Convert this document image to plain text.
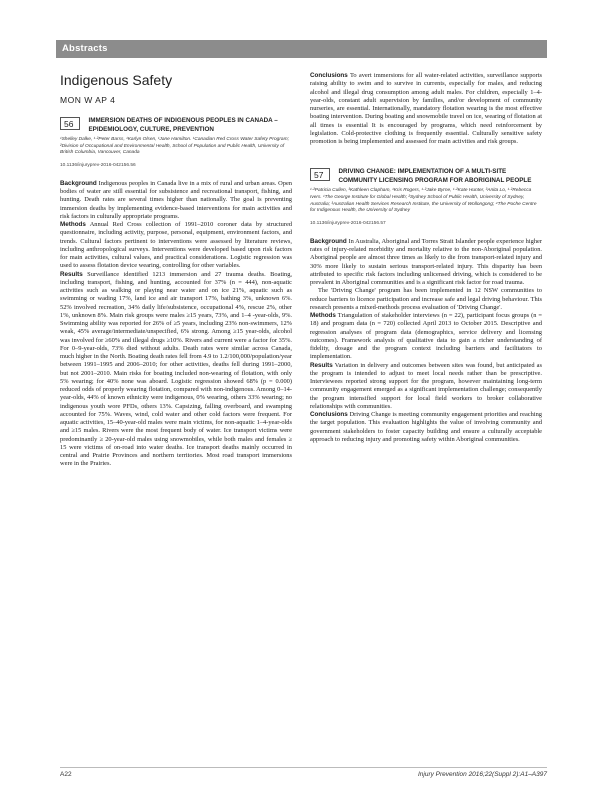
Abstracts
Indigenous Safety
MON W AP 4
56	IMMERSION DEATHS OF INDIGENOUS PEOPLES IN CANADA – EPIDEMIOLOGY, CULTURE, PREVENTION
¹Shelley Dalke, ¹·²Peter Barss, ¹Karlyn Olsen, ¹Jane Hamilton. ¹Canadian Red Cross Water Safety Program; ²Division of Occupational and Environmental Health, School of Population and Public Health, University of British Columbia, Vancouver, Canada
10.1136/injuryprev-2016-042156.56

Background Indigenous peoples in Canada live in a mix of rural and urban areas. Open bodies of water are still essential for subsistence and recreational transport, fishing, and hunting. Death rates are several times higher than nationally. The goal is preventing immersion deaths by implementing evidence-based interventions for main activities and risk factors in culturally appropriate programs.

Methods Annual Red Cross collection of 1991–2010 coroner data by structured questionnaire, including activity, purpose, personal, equipment, environment factors, and trends. Cultural factors pertinent to interventions were assessed by literature reviews, including anthropological surveys. Interventions were developed based upon risk factors for main activities, cultural values, and practical considerations. Logistic regression was used to assess flotation device wearing, controlling for other variables.

Results Surveillance identified 1213 immersion and 27 trauma deaths. Boating, including transport, fishing, and hunting, accounted for 37% (n = 444), non-aquatic activities such as walking or playing near water and on ice 21%, aquatic such as swimming or wading 17%, land ice and air transport 17%, bathing 3%, unknown 6%. 52% involved recreation, 34% daily life/subsistence, occupational 4%, rescue 2%, other 1%, unknown 8%. Main risk groups were males ≥15 years, 73%, and 1–4 -year-olds, 9%. Swimming ability was reported for 26% of ≥5 years, including 23% non-swimmers, 12% weak, 45% average/intermediate/unspecified, 6% strong. Among ≥15 year-olds, alcohol was involved for ≥60% and illegal drugs ≥10%. Rivers and current were a factor for 35%. For 0–9-year-olds, 73% died without adults. Death rates were similar across Canada, much higher in the North. Boating death rates fell from 4.9 to 1.2/100,000/population/year between 1991–1995 and 2006–2010; for other activities, deaths fell during 1991–2000, but not 2001–2010. Main risks for boating included non-wearing of flotation, with only 5% wearing; for 40% none was aboard. Logistic regression showed 68% (p = 0.000) reduced odds of properly wearing flotation, compared with non-indigenous. Among 0–14-year-olds, 44% of known ethnicity were indigenous, 0% wearing, others 33% wearing; no indigenous youth wore PFDs, others 13%. Capsizing, falling overboard, and swamping accounted for 75%. Waves, wind, cold water and other cold factors were frequent. For aquatic activities, 15–40-year-old males were main victims, for non-aquatic 1–4-year-olds and ≥15 males. Rivers were the most frequent body of water. Ice transport victims were predominantly ≥ 20-year-old males using snowmobiles, while both males and females ≥ 15 were victims of on-road into water deaths. Ice transport deaths mainly occurred in central and Prairie Provinces and northern territories. Most road transport immersions were in the Prairies.

Conclusions To avert immersions for all water-related activities, surveillance supports raising ability to swim and to survive in currents, especially for males, and reducing alcohol and illegal drug consumption among adult males. For children, especially 1–4-year-olds, constant adult supervision by families, and/or development of community nurseries, are essential. Internationally, mandatory flotation wearing is the most effective boating intervention. During boating and snowmobile travel on ice, wearing of flotation at all times is essential It is encouraged by programs, which need reinforcement by legislation. Cold-protective clothing is frequently essential. Culturally sensitive safety promotion is being implemented and assessed for main activities and risk groups.

57	DRIVING CHANGE: IMPLEMENTATION OF A MULTI-SITE COMMUNITY LICENSING PROGRAM FOR ABORIGINAL PEOPLE
¹·²Patricia Cullen, ³Kathleen Clapham, ¹Kris Rogers, ¹·²Jake Byrne, ¹·²Kate Hunter, ³Anita Lo, ¹·²Rebecca Ivers. ¹The George Institute for Global Health; ²Sydney School of Public Health, University of Sydney, Australia; ³Australian Health Services Research Institute, the University of Wollongong; ⁴The Poche Centre for Indigenous Health, the University of Sydney
10.1136/injuryprev-2016-042156.57

Background In Australia, Aboriginal and Torres Strait Islander people experience higher rates of injury-related morbidity and mortality relative to the non-Aboriginal population. Aboriginal people are almost three times as likely to die from transport-related injury and 30% more likely to sustain serious transport-related injury. This disparity has been attributed to specific risk factors including unlicensed driving, which is considered to be prevalent in Aboriginal communities and is a significant risk factor for road trauma.

The 'Driving Change' program has been implemented in 12 NSW communities to reduce barriers to licence participation and increase safe and legal driving behaviour. This research presents a mixed-methods process evaluation of 'Driving Change'.

Methods Triangulation of stakeholder interviews (n = 22), participant focus groups (n = 18) and program data (n = 720) collected April 2013 to October 2015. Descriptive and regression analyses of program data (demographics, service delivery and licensing outcomes). Framework analysis of qualitative data to gain a richer understanding of fidelity, dosage and the program context including barriers and facilitators to implementation.

Results Variation in delivery and outcomes between sites was found, but anticipated as the program is intended to adjust to meet local needs rather than be prescriptive. Interviewees reported strong support for the program, however maintaining long-term community engagement emerged as a significant implementation challenge; consequently the program intensified support for local field workers to broker collaborative relationships with communities.

Conclusions Driving Change is meeting community engagement priorities and reaching the target population. This evaluation highlights the value of involving community and government stakeholders to foster capacity building and ensure a culturally acceptable approach to reducing injury and promoting safety within Aboriginal communities.

A22	Injury Prevention 2016;22(Suppl 2):A1–A397
